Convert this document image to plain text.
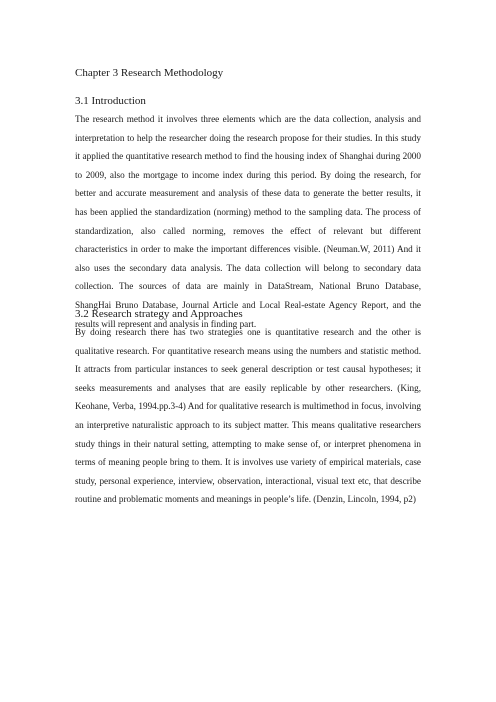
Chapter 3 Research Methodology
3.1 Introduction

The research method it involves three elements which are the data collection, analysis and interpretation to help the researcher doing the research propose for their studies. In this study it applied the quantitative research method to find the housing index of Shanghai during 2000 to 2009, also the mortgage to income index during this period. By doing the research, for better and accurate measurement and analysis of these data to generate the better results, it has been applied the standardization (norming) method to the sampling data. The process of standardization, also called norming, removes the effect of relevant but different characteristics in order to make the important differences visible. (Neuman.W, 2011) And it also uses the secondary data analysis. The data collection will belong to secondary data collection. The sources of data are mainly in DataStream, National Bruno Database, ShangHai Bruno Database, Journal Article and Local Real-estate Agency Report, and the results will represent and analysis in finding part.

3.2 Research strategy and Approaches

By doing research there has two strategies one is quantitative research and the other is qualitative research. For quantitative research means using the numbers and statistic method. It attracts from particular instances to seek general description or test causal hypotheses; it seeks measurements and analyses that are easily replicable by other researchers. (King, Keohane, Verba, 1994.pp.3-4) And for qualitative research is multimethod in focus, involving an interpretive naturalistic approach to its subject matter. This means qualitative researchers study things in their natural setting, attempting to make sense of, or interpret phenomena in terms of meaning people bring to them. It is involves use variety of empirical materials, case study, personal experience, interview, observation, interactional, visual text etc, that describe routine and problematic moments and meanings in people’s life. (Denzin, Lincoln, 1994, p2)
